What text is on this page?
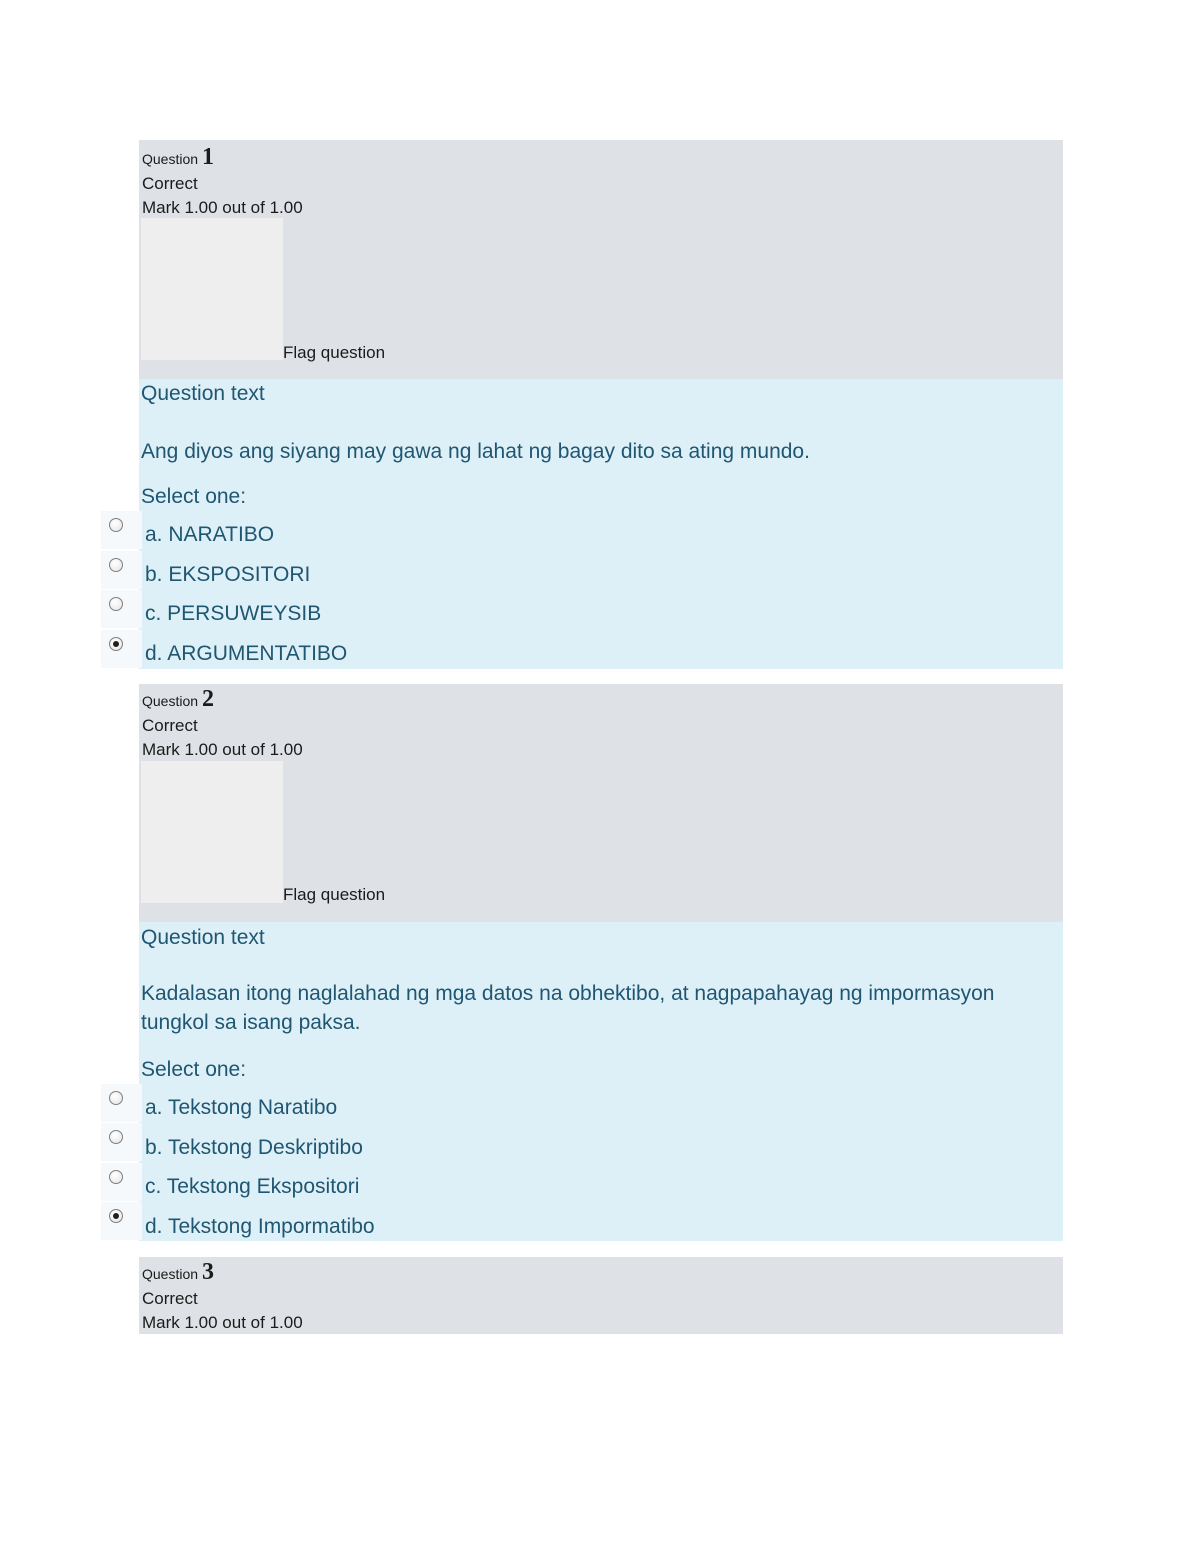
Question 1
Correct
Mark 1.00 out of 1.00
Flag question
Question text
Ang diyos ang siyang may gawa ng lahat ng bagay dito sa ating mundo.
Select one:
a. NARATIBO
b. EKSPOSITORI
c. PERSUWEYSIB
d. ARGUMENTATIBO
Question 2
Correct
Mark 1.00 out of 1.00
Flag question
Question text
Kadalasan itong naglalahad ng mga datos na obhektibo, at nagpapahayag ng impormasyon tungkol sa isang paksa.
Select one:
a. Tekstong Naratibo
b. Tekstong Deskriptibo
c. Tekstong Ekspositori
d. Tekstong Impormatibo
Question 3
Correct
Mark 1.00 out of 1.00
